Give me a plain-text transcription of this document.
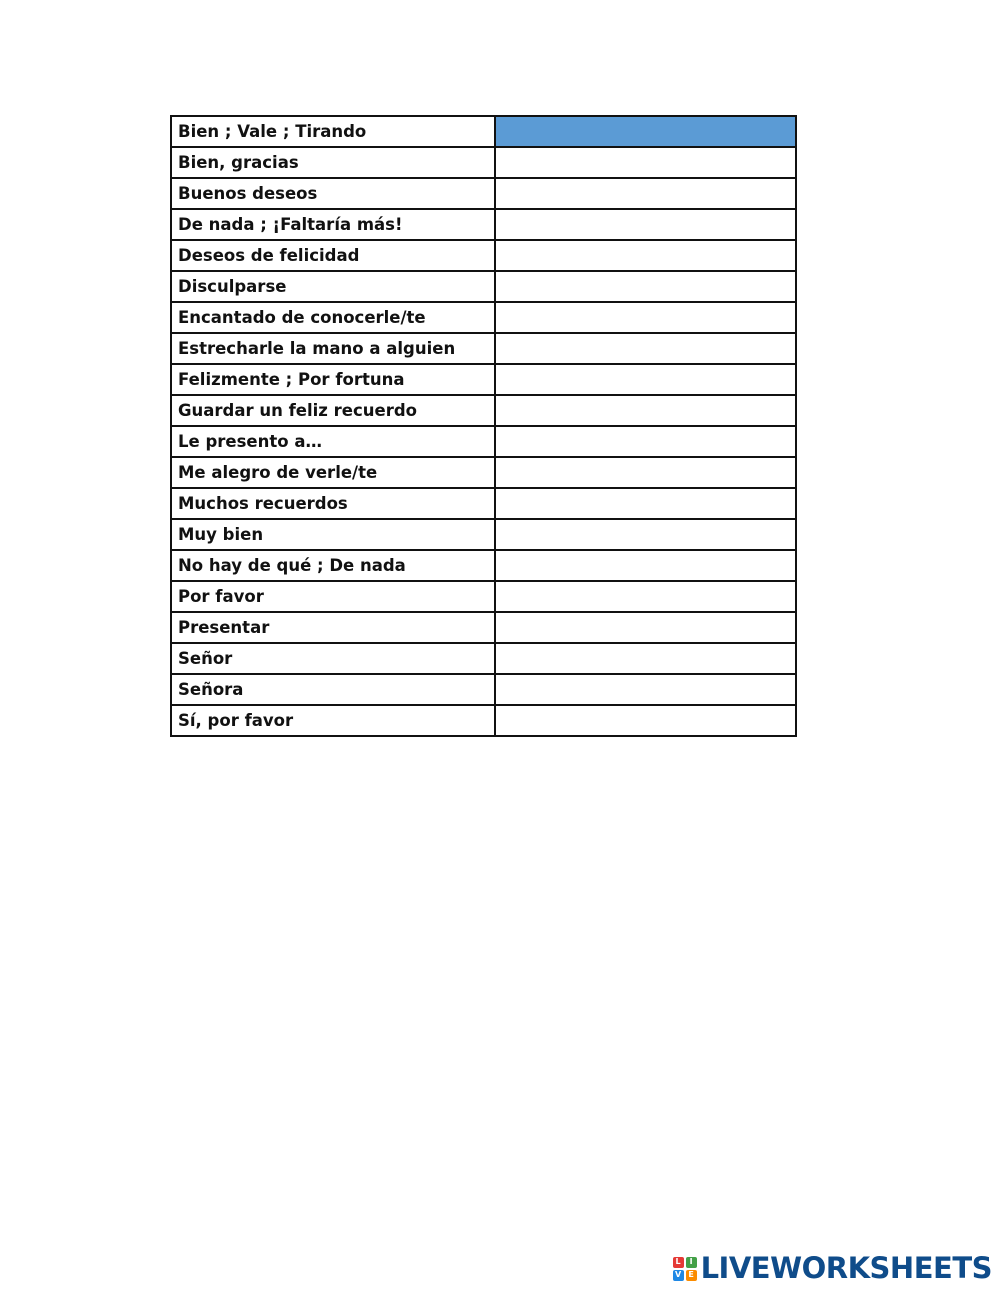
Bien ; Vale ; Tirando	
Bien, gracias	
Buenos deseos	
De nada ; ¡Faltaría más!	
Deseos de felicidad	
Disculparse	
Encantado de conocerle/te	
Estrecharle la mano a alguien	
Felizmente ; Por fortuna	
Guardar un feliz recuerdo	
Le presento a…	
Me alegro de verle/te	
Muchos recuerdos	
Muy bien	
No hay de qué ; De nada	
Por favor	
Presentar	
Señor	
Señora	
Sí, por favor	
L	I
V E LIVEWORKSHEETS
